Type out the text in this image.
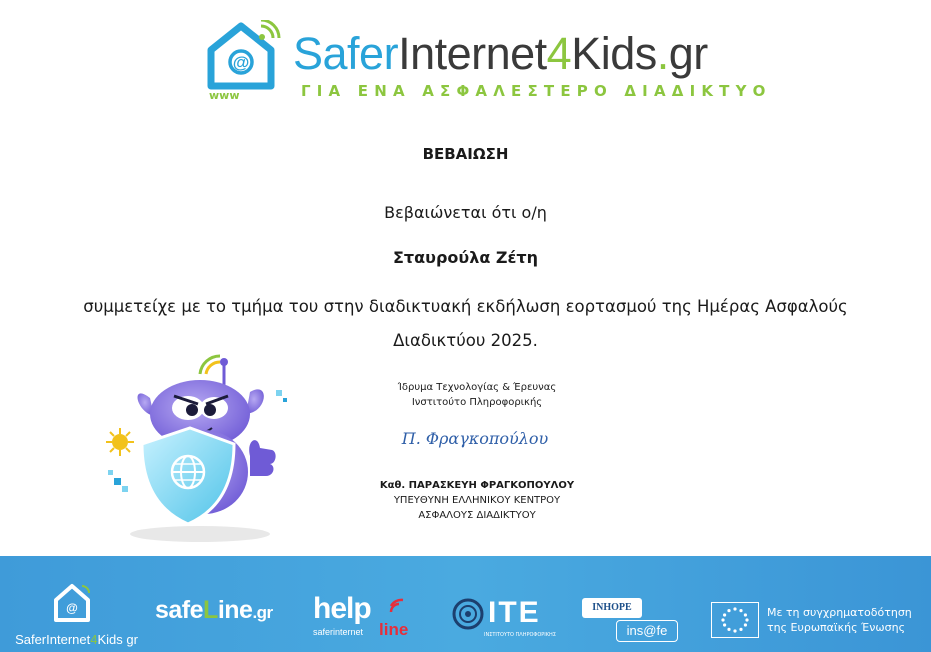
@
www
SaferInternet4Kids.gr
ΓΙΑ ΕΝΑ ΑΣΦΑΛΕΣΤΕΡΟ ΔΙΑΔΙΚΤΥΟ
ΒΕΒΑΙΩΣΗ
Βεβαιώνεται ότι ο/η
Σταυρούλα Ζέτη
συμμετείχε με το τμήμα του στην διαδικτυακή εκδήλωση εορτασμού της Ημέρας Ασφαλούς
Διαδικτύου 2025.
Ίδρυμα Τεχνολογίας & Έρευνας
Ινστιτούτο Πληροφορικής
Π. Φραγκοπούλου
Καθ. ΠΑΡΑΣΚΕΥΗ ΦΡΑΓΚΟΠΟΥΛΟΥ
ΥΠΕΥΘΥΝΗ ΕΛΛΗΝΙΚΟΥ ΚΕΝΤΡΟΥ
ΑΣΦΑΛΟΥΣ ΔΙΑΔΙΚΤΥΟΥ
@
SaferInternet4Kids gr
safeLine.gr help
saferinternet line
ITE
ΙΝΣΤΙΤΟΥΤΟ ΠΛΗΡΟΦΟΡΙΚΗΣ
INHOPE
ins@fe
Με τη συγχρηματοδότηση
της Ευρωπαϊκής Ένωσης
